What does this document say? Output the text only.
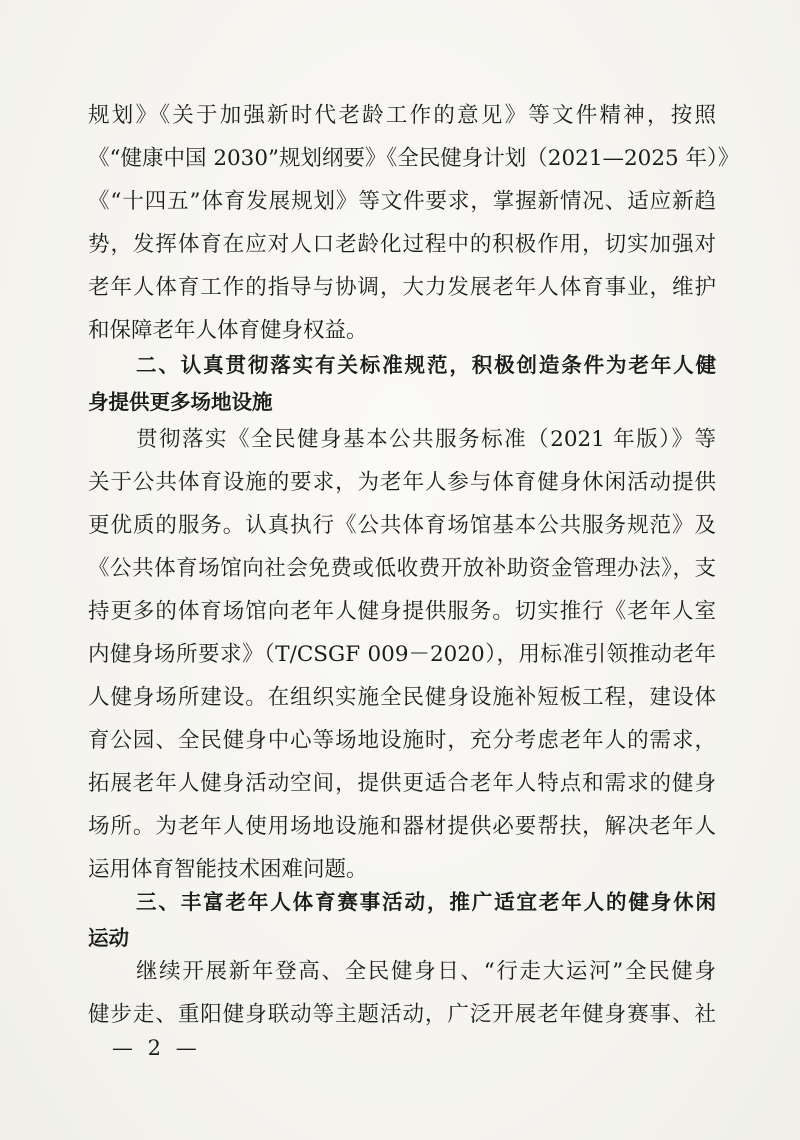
规划》《关于加强新时代老龄工作的意见》等文件精神，按照
《“健康中国 2030”规划纲要》《全民健身计划（2021—2025 年）》
《“十四五”体育发展规划》等文件要求，掌握新情况、适应新趋
势，发挥体育在应对人口老龄化过程中的积极作用，切实加强对
老年人体育工作的指导与协调，大力发展老年人体育事业，维护
和保障老年人体育健身权益。
二、认真贯彻落实有关标准规范，积极创造条件为老年人健
身提供更多场地设施
贯彻落实《全民健身基本公共服务标准（2021 年版）》等
关于公共体育设施的要求，为老年人参与体育健身休闲活动提供
更优质的服务。认真执行《公共体育场馆基本公共服务规范》及
《公共体育场馆向社会免费或低收费开放补助资金管理办法》，支
持更多的体育场馆向老年人健身提供服务。切实推行《老年人室
内健身场所要求》（T/CSGF 009－2020），用标准引领推动老年
人健身场所建设。在组织实施全民健身设施补短板工程，建设体
育公园、全民健身中心等场地设施时，充分考虑老年人的需求，
拓展老年人健身活动空间，提供更适合老年人特点和需求的健身
场所。为老年人使用场地设施和器材提供必要帮扶，解决老年人
运用体育智能技术困难问题。
三、丰富老年人体育赛事活动，推广适宜老年人的健身休闲
运动
继续开展新年登高、全民健身日、“行走大运河”全民健身
健步走、重阳健身联动等主题活动，广泛开展老年健身赛事、社
— 2 —
